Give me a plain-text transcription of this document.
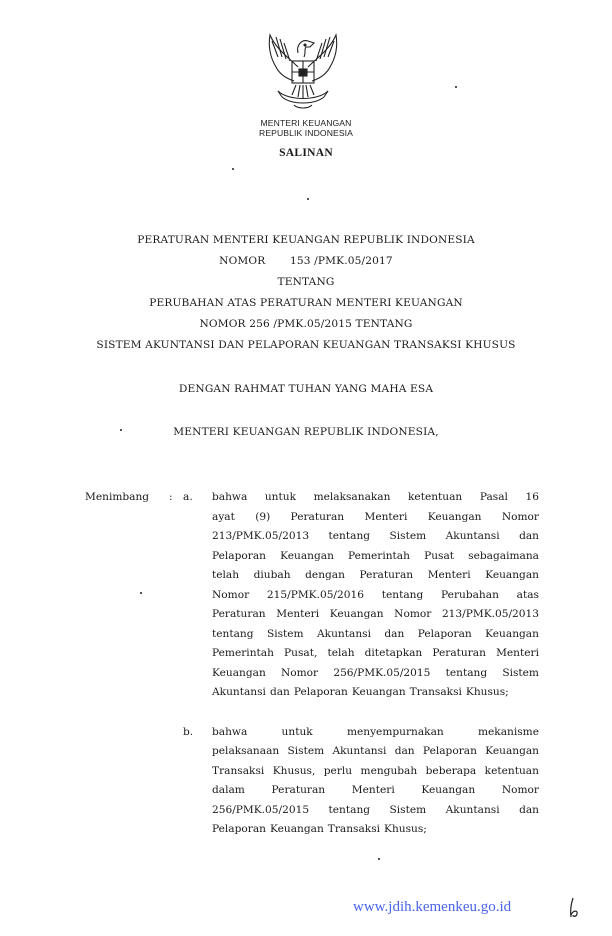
MENTERI KEUANGAN
REPUBLIK INDONESIA
SALINAN
PERATURAN MENTERI KEUANGAN REPUBLIK INDONESIA
NOMOR       153 /PMK.05/2017
TENTANG
PERUBAHAN ATAS PERATURAN MENTERI KEUANGAN
NOMOR 256 /PMK.05/2015 TENTANG
SISTEM AKUNTANSI DAN PELAPORAN KEUANGAN TRANSAKSI KHUSUS
DENGAN RAHMAT TUHAN YANG MAHA ESA
MENTERI KEUANGAN REPUBLIK INDONESIA,
Menimbang : a. bahwa untuk melaksanakan ketentuan Pasal 16
ayat (9) Peraturan Menteri Keuangan Nomor
213/PMK.05/2013 tentang Sistem Akuntansi dan
Pelaporan Keuangan Pemerintah Pusat sebagaimana
telah diubah dengan Peraturan Menteri Keuangan
Nomor 215/PMK.05/2016 tentang Perubahan atas
Peraturan Menteri Keuangan Nomor 213/PMK.05/2013
tentang Sistem Akuntansi dan Pelaporan Keuangan
Pemerintah Pusat, telah ditetapkan Peraturan Menteri
Keuangan Nomor 256/PMK.05/2015 tentang Sistem
Akuntansi dan Pelaporan Keuangan Transaksi Khusus;
b. bahwa	untuk	menyempurnakan	mekanisme
pelaksanaan Sistem Akuntansi dan Pelaporan Keuangan
Transaksi Khusus, perlu mengubah beberapa ketentuan
dalam	Peraturan	Menteri	Keuangan	Nomor
256/PMK.05/2015 tentang Sistem Akuntansi dan
Pelaporan Keuangan Transaksi Khusus;
www.jdih.kemenkeu.go.id
